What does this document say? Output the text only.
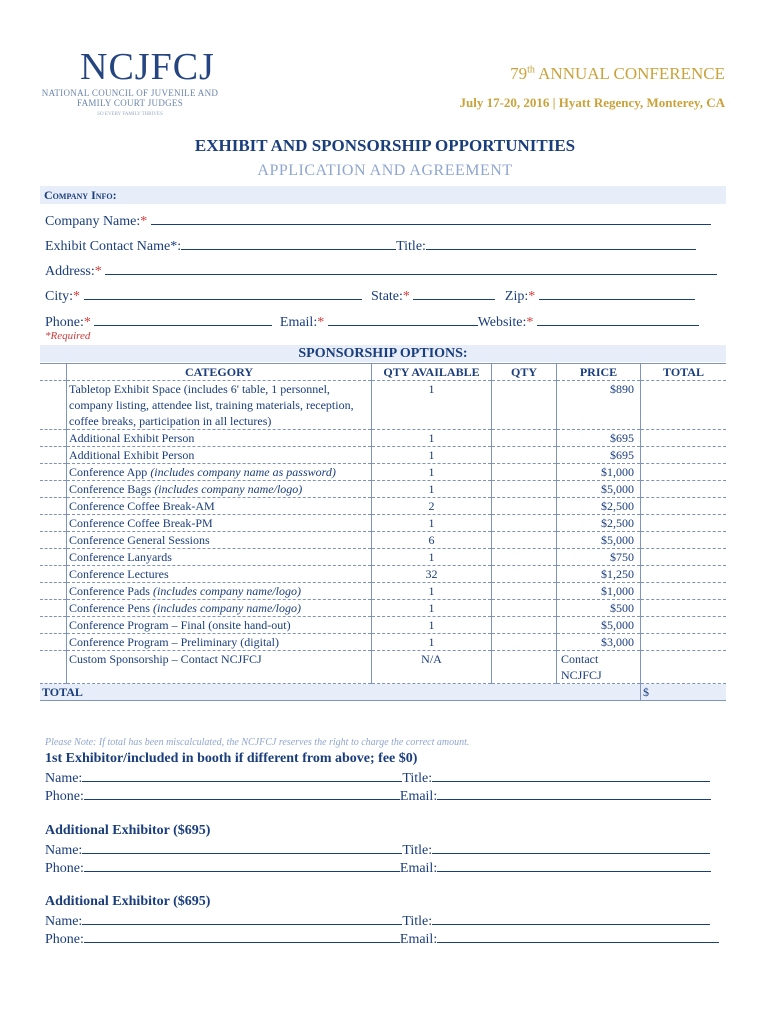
NCJFCJ
NATIONAL COUNCIL OF JUVENILE AND FAMILY COURT JUDGES
SO EVERY FAMILY THRIVES
79th ANNUAL CONFERENCE
July 17-20, 2016 | Hyatt Regency, Monterey, CA
EXHIBIT AND SPONSORSHIP OPPORTUNITIES
APPLICATION AND AGREEMENT
Company Info:
Company Name:*
Exhibit Contact Name*:	Title:
Address:*
City:*	State:*	Zip:*
Phone:*	Email:*	Website:*
*Required
SPONSORSHIP OPTIONS:
	CATEGORY	QTY AVAILABLE	QTY	PRICE	TOTAL
	Tabletop Exhibit Space (includes 6' table, 1 personnel, company listing, attendee list, training materials, reception, coffee breaks, participation in all lectures)	1		$890	
	Additional Exhibit Person	1		$695	
	Additional Exhibit Person	1		$695	
	Conference App (includes company name as password)	1		$1,000	
	Conference Bags (includes company name/logo)	1		$5,000	
	Conference Coffee Break-AM	2		$2,500	
	Conference Coffee Break-PM	1		$2,500	
	Conference General Sessions	6		$5,000	
	Conference Lanyards	1		$750	
	Conference Lectures	32		$1,250	
	Conference Pads (includes company name/logo)	1		$1,000	
	Conference Pens (includes company name/logo)	1		$500	
	Conference Program – Final (onsite hand-out)	1		$5,000	
	Conference Program – Preliminary (digital)	1		$3,000	
	Custom Sponsorship – Contact NCJFCJ	N/A		Contact NCJFCJ	
TOTAL					$
Please Note: If total has been miscalculated, the NCJFCJ reserves the right to charge the correct amount.
1st Exhibitor/included in booth if different from above; fee $0)
Name:	Title:
Phone:	Email:
Additional Exhibitor ($695)
Name:	Title:
Phone:	Email:
Additional Exhibitor ($695)
Name:	Title:
Phone:	Email:
